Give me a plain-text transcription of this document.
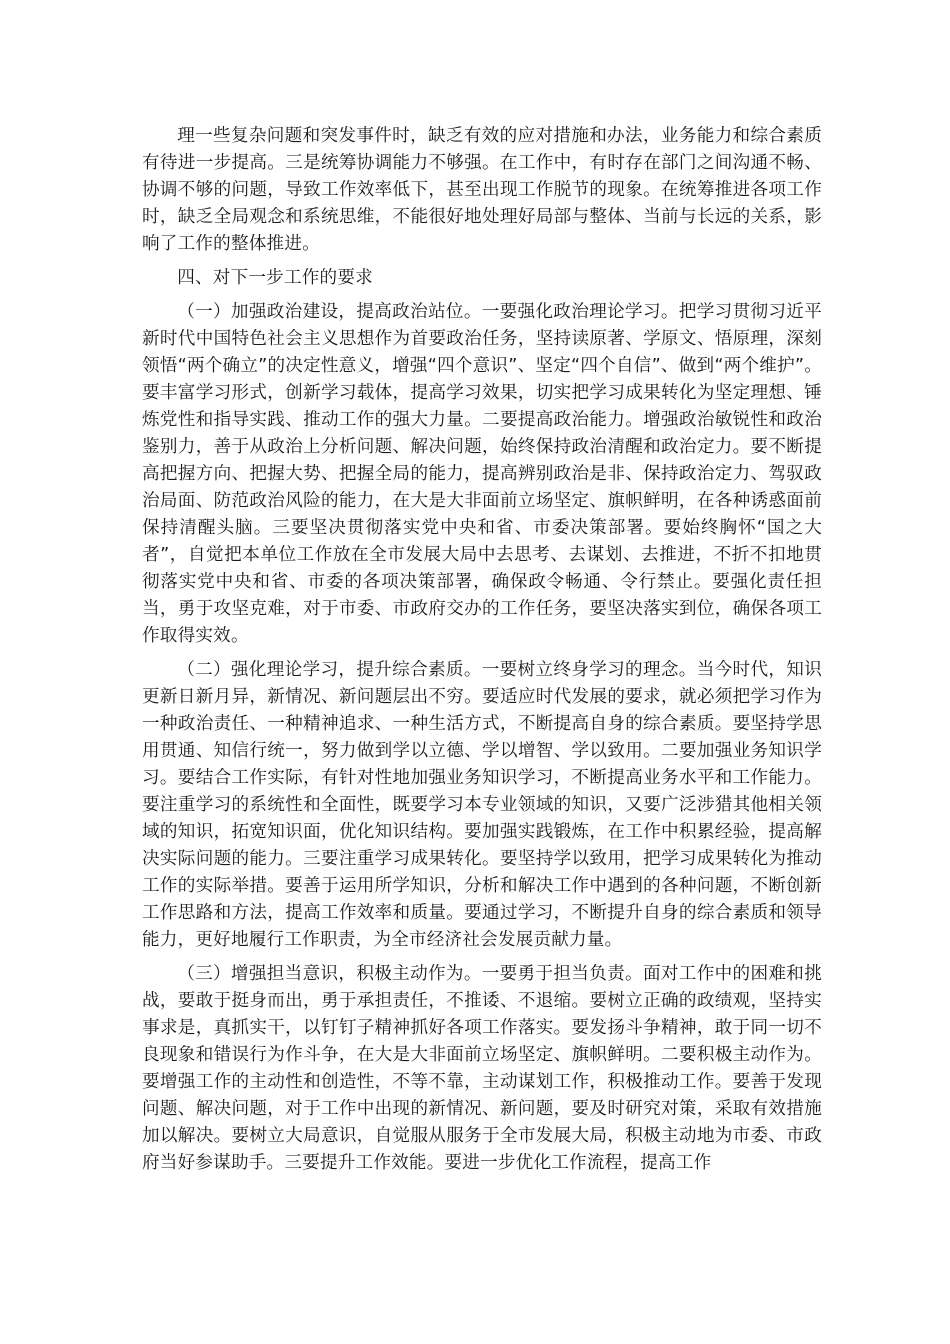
理一些复杂问题和突发事件时，缺乏有效的应对措施和办法，业务能力和综合素质有待进一步提高。三是统筹协调能力不够强。在工作中，有时存在部门之间沟通不畅、协调不够的问题，导致工作效率低下，甚至出现工作脱节的现象。在统筹推进各项工作时，缺乏全局观念和系统思维，不能很好地处理好局部与整体、当前与长远的关系，影响了工作的整体推进。

四、对下一步工作的要求

（一）加强政治建设，提高政治站位。一要强化政治理论学习。把学习贯彻习近平新时代中国特色社会主义思想作为首要政治任务，坚持读原著、学原文、悟原理，深刻领悟“两个确立”的决定性意义，增强“四个意识”、坚定“四个自信”、做到“两个维护”。要丰富学习形式，创新学习载体，提高学习效果，切实把学习成果转化为坚定理想、锤炼党性和指导实践、推动工作的强大力量。二要提高政治能力。增强政治敏锐性和政治鉴别力，善于从政治上分析问题、解决问题，始终保持政治清醒和政治定力。要不断提高把握方向、把握大势、把握全局的能力，提高辨别政治是非、保持政治定力、驾驭政治局面、防范政治风险的能力，在大是大非面前立场坚定、旗帜鲜明，在各种诱惑面前保持清醒头脑。三要坚决贯彻落实党中央和省、市委决策部署。要始终胸怀“国之大者”，自觉把本单位工作放在全市发展大局中去思考、去谋划、去推进，不折不扣地贯彻落实党中央和省、市委的各项决策部署，确保政令畅通、令行禁止。要强化责任担当，勇于攻坚克难，对于市委、市政府交办的工作任务，要坚决落实到位，确保各项工作取得实效。

（二）强化理论学习，提升综合素质。一要树立终身学习的理念。当今时代，知识更新日新月异，新情况、新问题层出不穷。要适应时代发展的要求，就必须把学习作为一种政治责任、一种精神追求、一种生活方式，不断提高自身的综合素质。要坚持学思用贯通、知信行统一，努力做到学以立德、学以增智、学以致用。二要加强业务知识学习。要结合工作实际，有针对性地加强业务知识学习，不断提高业务水平和工作能力。要注重学习的系统性和全面性，既要学习本专业领域的知识，又要广泛涉猎其他相关领域的知识，拓宽知识面，优化知识结构。要加强实践锻炼，在工作中积累经验，提高解决实际问题的能力。三要注重学习成果转化。要坚持学以致用，把学习成果转化为推动工作的实际举措。要善于运用所学知识，分析和解决工作中遇到的各种问题，不断创新工作思路和方法，提高工作效率和质量。要通过学习，不断提升自身的综合素质和领导能力，更好地履行工作职责，为全市经济社会发展贡献力量。

（三）增强担当意识，积极主动作为。一要勇于担当负责。面对工作中的困难和挑战，要敢于挺身而出，勇于承担责任，不推诿、不退缩。要树立正确的政绩观，坚持实事求是，真抓实干，以钉钉子精神抓好各项工作落实。要发扬斗争精神，敢于同一切不良现象和错误行为作斗争，在大是大非面前立场坚定、旗帜鲜明。二要积极主动作为。要增强工作的主动性和创造性，不等不靠，主动谋划工作，积极推动工作。要善于发现问题、解决问题，对于工作中出现的新情况、新问题，要及时研究对策，采取有效措施加以解决。要树立大局意识，自觉服从服务于全市发展大局，积极主动地为市委、市政府当好参谋助手。三要提升工作效能。要进一步优化工作流程，提高工作
